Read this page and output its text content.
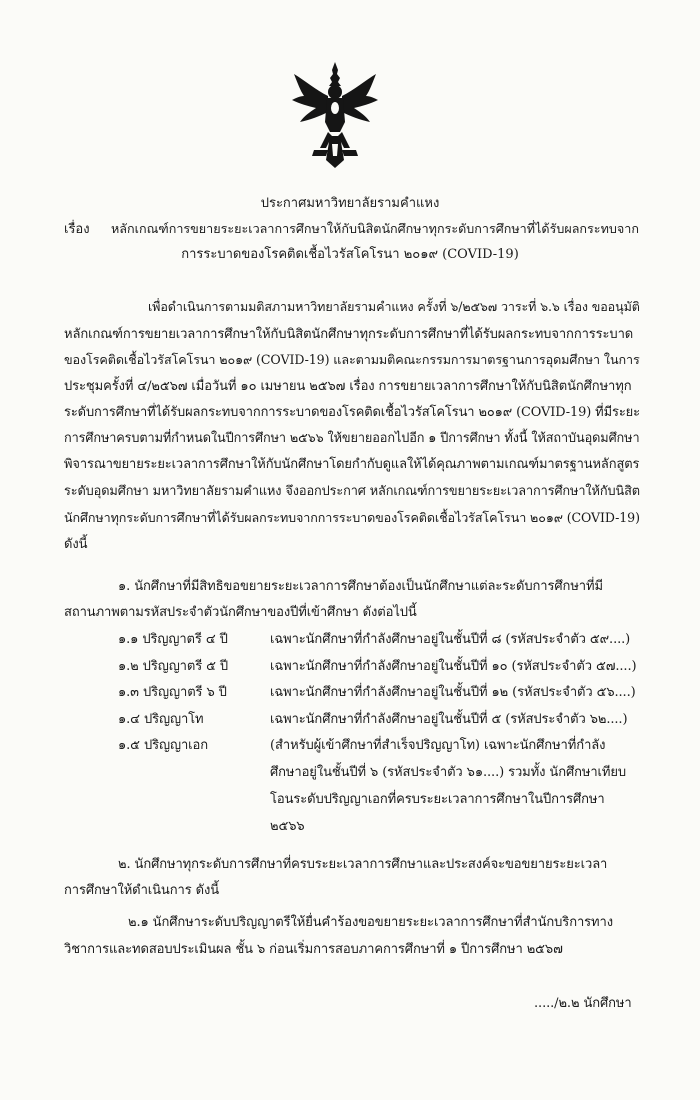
ประกาศมหาวิทยาลัยรามคำแหง
เรื่อง หลักเกณฑ์การขยายระยะเวลาการศึกษาให้กับนิสิตนักศึกษาทุกระดับการศึกษาที่ได้รับผลกระทบจาก
การระบาดของโรคติดเชื้อไวรัสโคโรนา ๒๐๑๙ (COVID-19)
เพื่อดำเนินการตามมติสภามหาวิทยาลัยรามคำแหง ครั้งที่ ๖/๒๕๖๗ วาระที่ ๖.๖ เรื่อง ขออนุมัติ
หลักเกณฑ์การขยายเวลาการศึกษาให้กับนิสิตนักศึกษาทุกระดับการศึกษาที่ได้รับผลกระทบจากการระบาด
ของโรคติดเชื้อไวรัสโคโรนา ๒๐๑๙ (COVID-19) และตามมติคณะกรรมการมาตรฐานการอุดมศึกษา ในการ
ประชุมครั้งที่ ๔/๒๕๖๗ เมื่อวันที่ ๑๐ เมษายน ๒๕๖๗ เรื่อง การขยายเวลาการศึกษาให้กับนิสิตนักศึกษาทุก
ระดับการศึกษาที่ได้รับผลกระทบจากการระบาดของโรคติดเชื้อไวรัสโคโรนา ๒๐๑๙ (COVID-19) ที่มีระยะ
การศึกษาครบตามที่กำหนดในปีการศึกษา ๒๕๖๖ ให้ขยายออกไปอีก ๑ ปีการศึกษา ทั้งนี้ ให้สถาบันอุดมศึกษา
พิจารณาขยายระยะเวลาการศึกษาให้กับนักศึกษาโดยกำกับดูแลให้ได้คุณภาพตามเกณฑ์มาตรฐานหลักสูตร
ระดับอุดมศึกษา มหาวิทยาลัยรามคำแหง จึงออกประกาศ หลักเกณฑ์การขยายระยะเวลาการศึกษาให้กับนิสิต
นักศึกษาทุกระดับการศึกษาที่ได้รับผลกระทบจากการระบาดของโรคติดเชื้อไวรัสโคโรนา ๒๐๑๙ (COVID-19)
ดังนี้
๑. นักศึกษาที่มีสิทธิขอขยายระยะเวลาการศึกษาต้องเป็นนักศึกษาแต่ละระดับการศึกษาที่มี
สถานภาพตามรหัสประจำตัวนักศึกษาของปีที่เข้าศึกษา ดังต่อไปนี้
๑.๑ ปริญญาตรี ๔ ปี	เฉพาะนักศึกษาที่กำลังศึกษาอยู่ในชั้นปีที่ ๘ (รหัสประจำตัว ๕๙....)
๑.๒ ปริญญาตรี ๕ ปี	เฉพาะนักศึกษาที่กำลังศึกษาอยู่ในชั้นปีที่ ๑๐ (รหัสประจำตัว ๕๗....)
๑.๓ ปริญญาตรี ๖ ปี	เฉพาะนักศึกษาที่กำลังศึกษาอยู่ในชั้นปีที่ ๑๒ (รหัสประจำตัว ๕๖....)
๑.๔ ปริญญาโท	เฉพาะนักศึกษาที่กำลังศึกษาอยู่ในชั้นปีที่ ๕ (รหัสประจำตัว ๖๒....)
๑.๕ ปริญญาเอก	(สำหรับผู้เข้าศึกษาที่สำเร็จปริญญาโท) เฉพาะนักศึกษาที่กำลัง
ศึกษาอยู่ในชั้นปีที่ ๖ (รหัสประจำตัว ๖๑....) รวมทั้ง นักศึกษาเทียบ
โอนระดับปริญญาเอกที่ครบระยะเวลาการศึกษาในปีการศึกษา
๒๕๖๖
๒. นักศึกษาทุกระดับการศึกษาที่ครบระยะเวลาการศึกษาและประสงค์จะขอขยายระยะเวลา
การศึกษาให้ดำเนินการ ดังนี้
๒.๑ นักศึกษาระดับปริญญาตรีให้ยื่นคำร้องขอขยายระยะเวลาการศึกษาที่สำนักบริการทาง
วิชาการและทดสอบประเมินผล ชั้น ๖ ก่อนเริ่มการสอบภาคการศึกษาที่ ๑ ปีการศึกษา ๒๕๖๗
...../๒.๒ นักศึกษา
